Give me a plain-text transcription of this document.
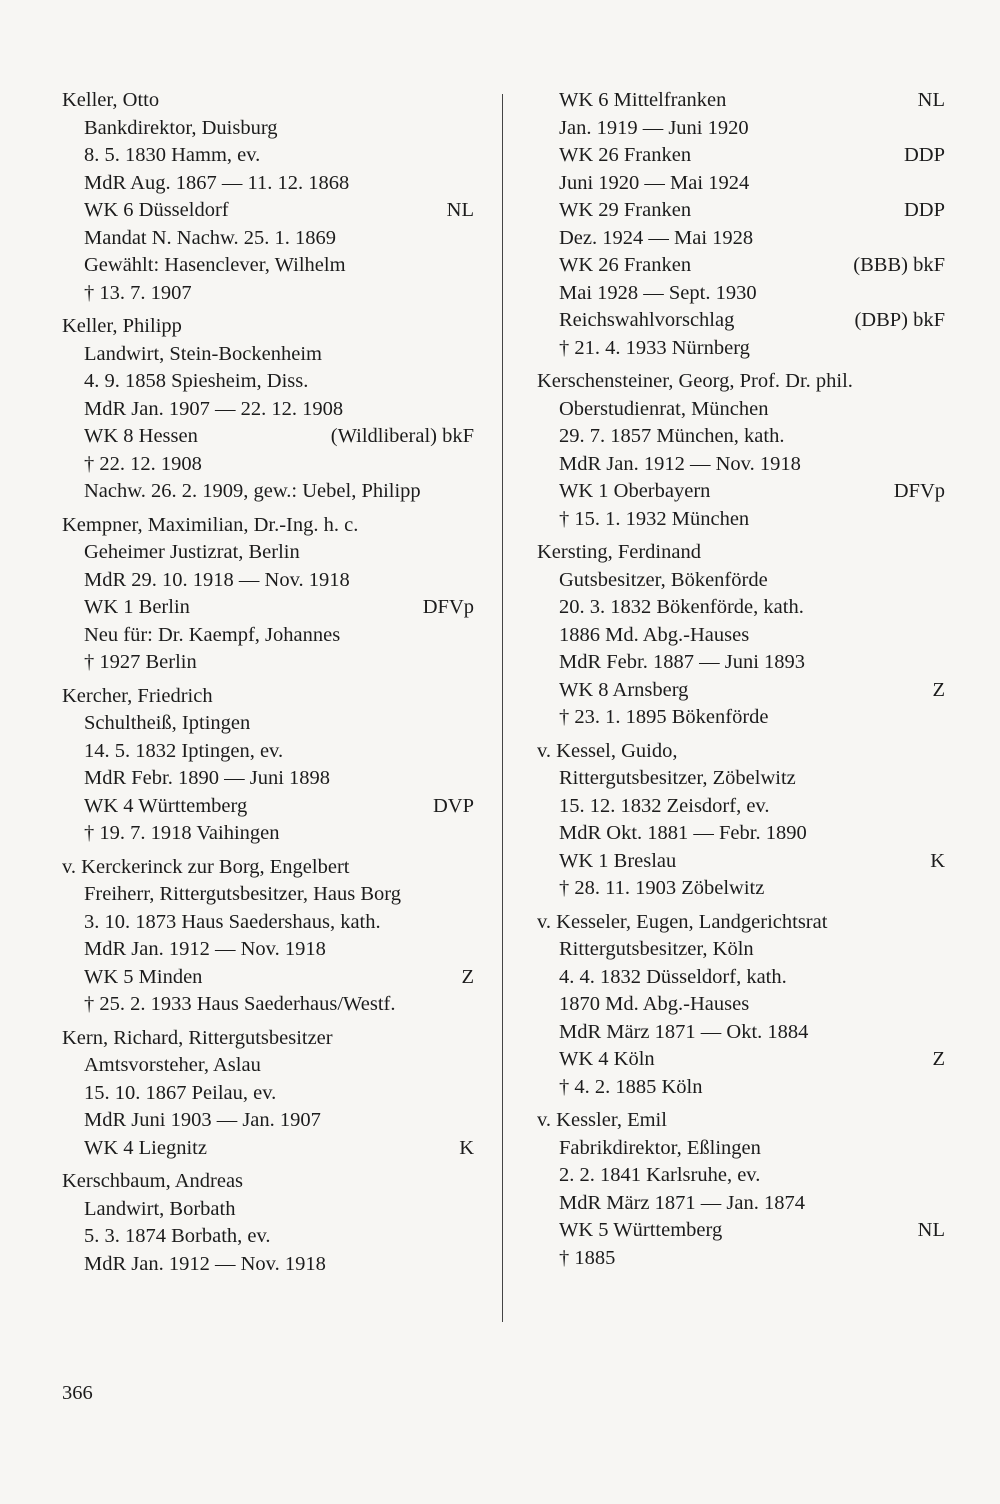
Keller, Otto
Bankdirektor, Duisburg
8. 5. 1830 Hamm, ev.
MdR Aug. 1867 — 11. 12. 1868
WK 6 Düsseldorf	NL
Mandat N. Nachw. 25. 1. 1869
Gewählt: Hasenclever, Wilhelm
† 13. 7. 1907
Keller, Philipp
Landwirt, Stein-Bockenheim
4. 9. 1858 Spiesheim, Diss.
MdR Jan. 1907 — 22. 12. 1908
WK 8 Hessen	(Wildliberal) bkF
† 22. 12. 1908
Nachw. 26. 2. 1909, gew.: Uebel, Philipp
Kempner, Maximilian, Dr.-Ing. h. c.
Geheimer Justizrat, Berlin
MdR 29. 10. 1918 — Nov. 1918
WK 1 Berlin	DFVp
Neu für: Dr. Kaempf, Johannes
† 1927 Berlin
Kercher, Friedrich
Schultheiß, Iptingen
14. 5. 1832 Iptingen, ev.
MdR Febr. 1890 — Juni 1898
WK 4 Württemberg	DVP
† 19. 7. 1918 Vaihingen
v. Kerckerinck zur Borg, Engelbert
Freiherr, Rittergutsbesitzer, Haus Borg
3. 10. 1873 Haus Saedershaus, kath.
MdR Jan. 1912 — Nov. 1918
WK 5 Minden	Z
† 25. 2. 1933 Haus Saederhaus/Westf.
Kern, Richard, Rittergutsbesitzer
Amtsvorsteher, Aslau
15. 10. 1867 Peilau, ev.
MdR Juni 1903 — Jan. 1907
WK 4 Liegnitz	K
Kerschbaum, Andreas
Landwirt, Borbath
5. 3. 1874 Borbath, ev.
MdR Jan. 1912 — Nov. 1918
WK 6 Mittelfranken	NL
Jan. 1919 — Juni 1920
WK 26 Franken	DDP
Juni 1920 — Mai 1924
WK 29 Franken	DDP
Dez. 1924 — Mai 1928
WK 26 Franken	(BBB) bkF
Mai 1928 — Sept. 1930
Reichswahlvorschlag	(DBP) bkF
† 21. 4. 1933 Nürnberg
Kerschensteiner, Georg, Prof. Dr. phil.
Oberstudienrat, München
29. 7. 1857 München, kath.
MdR Jan. 1912 — Nov. 1918
WK 1 Oberbayern	DFVp
† 15. 1. 1932 München
Kersting, Ferdinand
Gutsbesitzer, Bökenförde
20. 3. 1832 Bökenförde, kath.
1886 Md. Abg.-Hauses
MdR Febr. 1887 — Juni 1893
WK 8 Arnsberg	Z
† 23. 1. 1895 Bökenförde
v. Kessel, Guido,
Rittergutsbesitzer, Zöbelwitz
15. 12. 1832 Zeisdorf, ev.
MdR Okt. 1881 — Febr. 1890
WK 1 Breslau	K
† 28. 11. 1903 Zöbelwitz
v. Kesseler, Eugen, Landgerichtsrat
Rittergutsbesitzer, Köln
4. 4. 1832 Düsseldorf, kath.
1870 Md. Abg.-Hauses
MdR März 1871 — Okt. 1884
WK 4 Köln	Z
† 4. 2. 1885 Köln
v. Kessler, Emil
Fabrikdirektor, Eßlingen
2. 2. 1841 Karlsruhe, ev.
MdR März 1871 — Jan. 1874
WK 5 Württemberg	NL
† 1885
366
